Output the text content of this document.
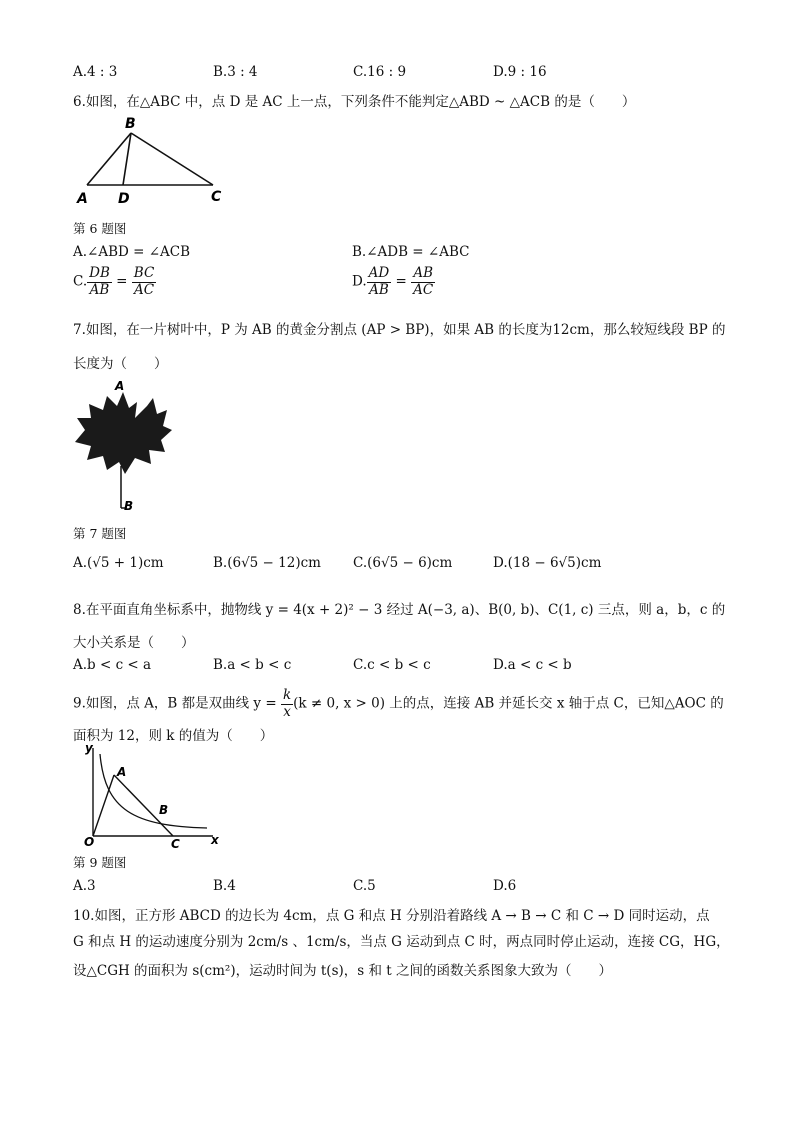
A.4 : 3	B.3 : 4	C.16 : 9	D.9 : 16
6.如图，在△ABC 中，点 D 是 AC 上一点，下列条件不能判定△ABD ~ △ACB 的是（　　）
B
A D	C
第 6 题图
A.∠ABD = ∠ACB	B.∠ADB = ∠ABC
C. $\frac{DB}{AB} = \frac{BC}{AC}$	D. $\frac{AD}{AB} = \frac{AB}{AC}$
7.如图，在一片树叶中，P 为 AB 的黄金分割点 (AP > BP)，如果 AB 的长度为12cm，那么较短线段 BP 的
长度为（　　）
A
B
第 7 题图
A.(√5 + 1)cm	B.(6√5 − 12)cm	C.(6√5 − 6)cm	D.(18 − 6√5)cm
8.在平面直角坐标系中，抛物线 y = 4(x + 2)² − 3 经过 A(−3, a)、B(0, b)、C(1, c) 三点，则 a，b，c 的
大小关系是（　　）
A.b < c < a	B.a < b < c	C.c < b < c	D.a < c < b
9.如图，点 A，B 都是双曲线 $y = \frac{k}{x} (k \ne 0$, x > 0) 上的点，连接 AB 并延长交 x 轴于点 C，已知△AOC 的
面积为 12，则 k 的值为（　　）
y
x
O
A
B
C
第 9 题图
A.3	B.4	C.5	D.6
10.如图，正方形 ABCD 的边长为 4cm，点 G 和点 H 分别沿着路线 A → B → C 和 C → D 同时运动，点
G 和点 H 的运动速度分别为 2cm/s 、1cm/s，当点 G 运动到点 C 时，两点同时停止运动，连接 CG，HG，
设△CGH 的面积为 s(cm²)，运动时间为 t(s)，s 和 t 之间的函数关系图象大致为（　　）
